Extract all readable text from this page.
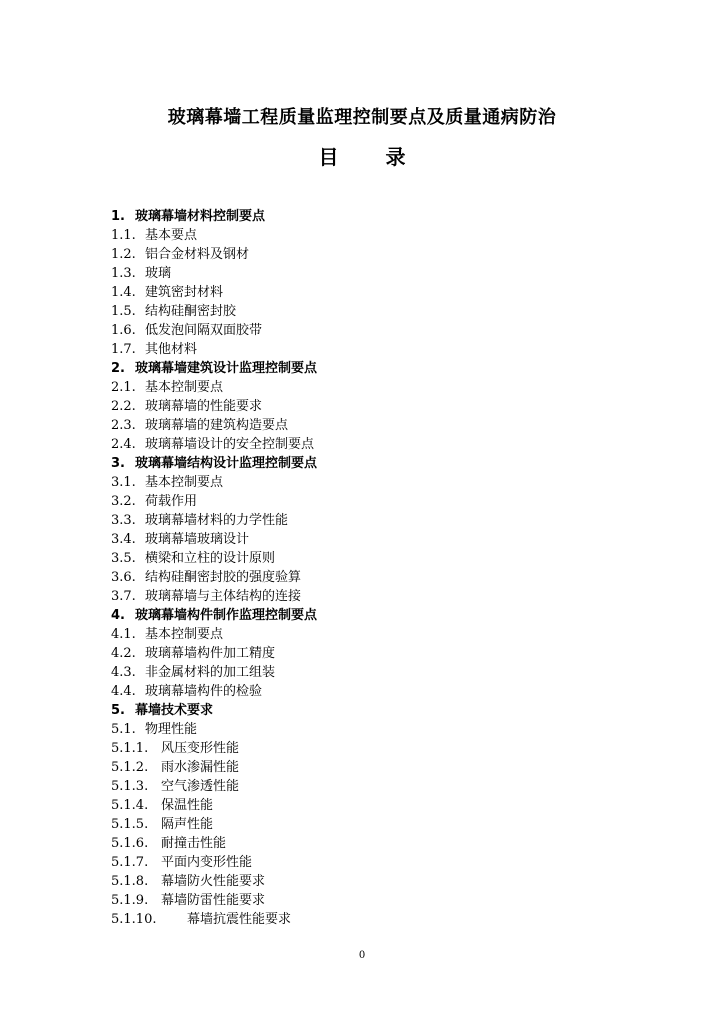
玻璃幕墙工程质量监理控制要点及质量通病防治
目 录
1. 玻璃幕墙材料控制要点
1.1. 基本要点
1.2. 铝合金材料及钢材
1.3. 玻璃
1.4. 建筑密封材料
1.5. 结构硅酮密封胶
1.6. 低发泡间隔双面胶带
1.7. 其他材料
2. 玻璃幕墙建筑设计监理控制要点
2.1. 基本控制要点
2.2. 玻璃幕墙的性能要求
2.3. 玻璃幕墙的建筑构造要点
2.4. 玻璃幕墙设计的安全控制要点
3. 玻璃幕墙结构设计监理控制要点
3.1. 基本控制要点
3.2. 荷载作用
3.3. 玻璃幕墙材料的力学性能
3.4. 玻璃幕墙玻璃设计
3.5. 横梁和立柱的设计原则
3.6. 结构硅酮密封胶的强度验算
3.7. 玻璃幕墙与主体结构的连接
4. 玻璃幕墙构件制作监理控制要点
4.1. 基本控制要点
4.2. 玻璃幕墙构件加工精度
4.3. 非金属材料的加工组装
4.4. 玻璃幕墙构件的检验
5. 幕墙技术要求
5.1. 物理性能
5.1.1. 风压变形性能
5.1.2. 雨水渗漏性能
5.1.3. 空气渗透性能
5.1.4. 保温性能
5.1.5. 隔声性能
5.1.6. 耐撞击性能
5.1.7. 平面内变形性能
5.1.8. 幕墙防火性能要求
5.1.9. 幕墙防雷性能要求
5.1.10. 幕墙抗震性能要求
0
